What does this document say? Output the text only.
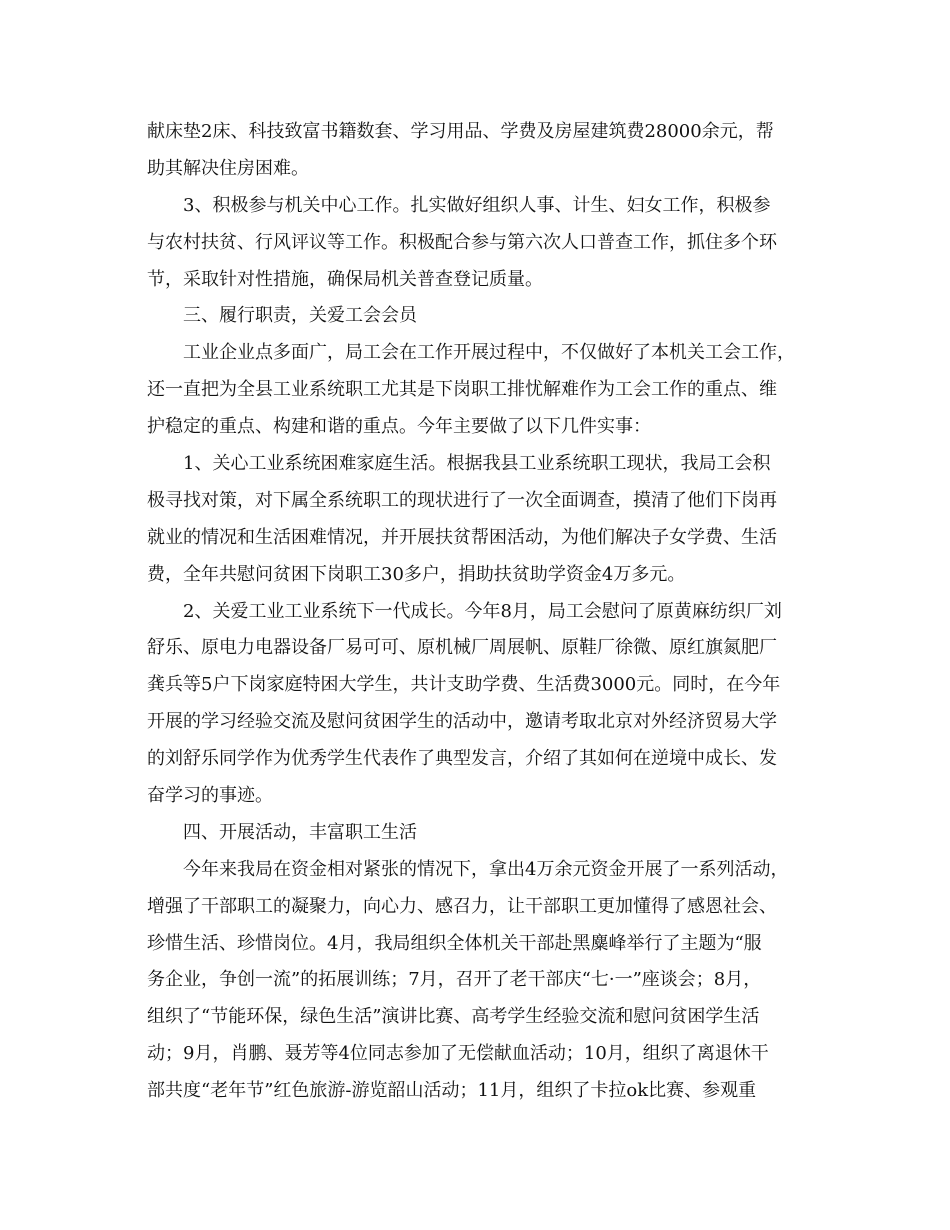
献床垫2床、科技致富书籍数套、学习用品、学费及房屋建筑费28000余元，帮
助其解决住房困难。
3、积极参与机关中心工作。扎实做好组织人事、计生、妇女工作，积极参
与农村扶贫、行风评议等工作。积极配合参与第六次人口普查工作，抓住多个环
节，采取针对性措施，确保局机关普查登记质量。
三、履行职责，关爱工会会员
工业企业点多面广，局工会在工作开展过程中，不仅做好了本机关工会工作，
还一直把为全县工业系统职工尤其是下岗职工排忧解难作为工会工作的重点、维
护稳定的重点、构建和谐的重点。今年主要做了以下几件实事：
1、关心工业系统困难家庭生活。根据我县工业系统职工现状，我局工会积
极寻找对策，对下属全系统职工的现状进行了一次全面调查，摸清了他们下岗再
就业的情况和生活困难情况，并开展扶贫帮困活动，为他们解决子女学费、生活
费，全年共慰问贫困下岗职工30多户，捐助扶贫助学资金4万多元。
2、关爱工业工业系统下一代成长。今年8月，局工会慰问了原黄麻纺织厂刘
舒乐、原电力电器设备厂易可可、原机械厂周展帆、原鞋厂徐微、原红旗氮肥厂
龚兵等5户下岗家庭特困大学生，共计支助学费、生活费3000元。同时，在今年
开展的学习经验交流及慰问贫困学生的活动中，邀请考取北京对外经济贸易大学
的刘舒乐同学作为优秀学生代表作了典型发言，介绍了其如何在逆境中成长、发
奋学习的事迹。
四、开展活动，丰富职工生活
今年来我局在资金相对紧张的情况下，拿出4万余元资金开展了一系列活动，
增强了干部职工的凝聚力，向心力、感召力，让干部职工更加懂得了感恩社会、
珍惜生活、珍惜岗位。4月，我局组织全体机关干部赴黑麋峰举行了主题为“服
务企业，争创一流”的拓展训练；7月，召开了老干部庆“七·一”座谈会；8月，
组织了“节能环保，绿色生活”演讲比赛、高考学生经验交流和慰问贫困学生活
动；9月，肖鹏、聂芳等4位同志参加了无偿献血活动；10月，组织了离退休干
部共度“老年节”红色旅游-游览韶山活动；11月，组织了卡拉ok比赛、参观重
